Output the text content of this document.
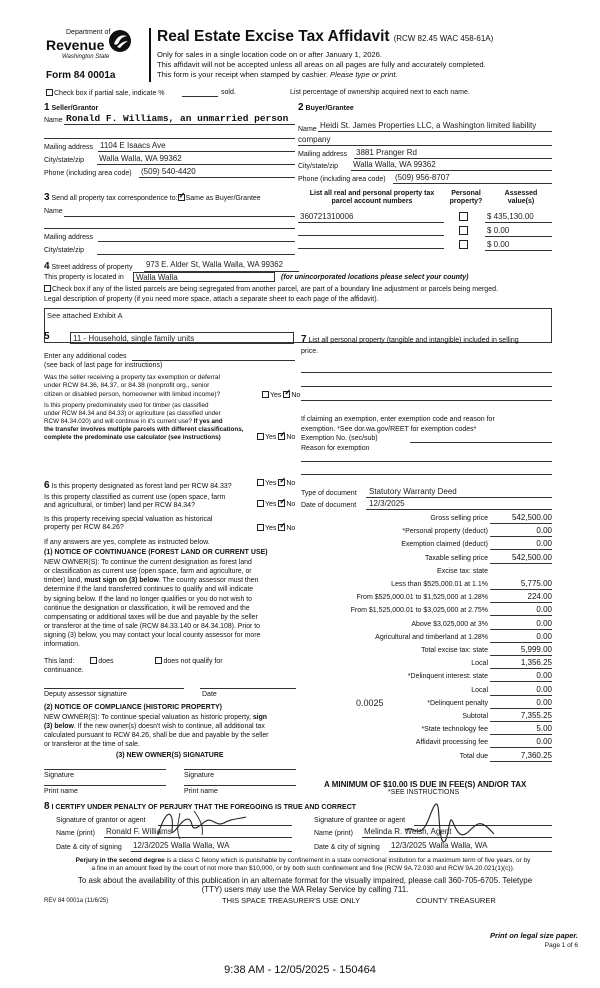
Department of
Revenue
Washington State
Form 84 0001a
Real Estate Excise Tax Affidavit (RCW 82.45 WAC 458-61A)
Only for sales in a single location code on or after January 1, 2026.
This affidavit will not be accepted unless all areas on all pages are fully and accurately completed.
This form is your receipt when stamped by cashier. Please type or print.
Check box if partial sale, indicate %	sold.	List percentage of ownership acquired next to each name.
1 Seller/Grantor
Name Ronald F. Williams, an unmarried person
Mailing address 1104 E Isaacs Ave
City/state/zip Walla Walla, WA 99362
Phone (including area code) (509) 540-4420
2 Buyer/Grantee
Name Heidi St. James Properties LLC, a Washington limited liability
company
Mailing address 3881 Pranger Rd
City/state/zip Walla Walla, WA 99362
Phone (including area code) (509) 956-8707
3 Send all property tax correspondence to: ✓ Same as Buyer/Grantee
Name
Mailing address
City/state/zip
List all real and personal property tax
parcel account numbers
Personal
property?
Assessed
value(s)
360721310006	$ 435,130.00
$ 0.00
$ 0.00
4 Street address of property 973 E. Alder St, Walla Walla, WA 99362
This property is located in	Walla Walla	(for unincorporated locations please select your county)
Check box if any of the listed parcels are being segregated from another parcel, are part of a boundary line adjustment or parcels being merged.
Legal description of property (if you need more space, attach a separate sheet to each page of the affidavit).
See attached Exhibit A
5	11 - Household, single family units
Enter any additional codes
(see back of last page for instructions)
Was the seller receiving a property tax exemption or deferral
under RCW 84.36, 84.37, or 84.38 (nonprofit org., senior
citizen or disabled person, homeowner with limited income)?	Yes ✓ No
Is this property predominately used for timber (as classified
under RCW 84.34 and 84.33) or agriculture (as classified under
RCW 84.34.020) and will continue in it's current use? If yes and
the transfer involves multiple parcels with different classifications,
complete the predominate use calculator (see instructions)	Yes ✓ No
6 Is this property designated as forest land per RCW 84.33?	Yes ✓ No
Is this property classified as current use (open space, farm
and agricultural, or timber) land per RCW 84.34?	Yes ✓ No
Is this property receiving special valuation as historical
property per RCW 84.26?	Yes ✓ No
If any answers are yes, complete as instructed below.
(1) NOTICE OF CONTINUANCE (FOREST LAND OR CURRENT USE)
NEW OWNER(S): To continue the current designation as forest land
or classification as current use (open space, farm and agriculture, or
timber) land, must sign on (3) below. The county assessor must then
determine if the land transferred continues to qualify and will indicate
by signing below. If the land no longer qualifies or you do not wish to
continue the designation or classification, it will be removed and the
compensating or additional taxes will be due and payable by the seller
or transferor at the time of sale (RCW 84.33.140 or 84.34.108). Prior to
signing (3) below, you may contact your local county assessor for more
information.
This land:	does	does not qualify for
continuance.
Deputy assessor signature	Date
(2) NOTICE OF COMPLIANCE (HISTORIC PROPERTY)
NEW OWNER(S): To continue special valuation as historic property, sign
(3) below. If the new owner(s) doesn't wish to continue, all additional tax
calculated pursuant to RCW 84.26, shall be due and payable by the seller
or transferor at the time of sale.
(3) NEW OWNER(S) SIGNATURE
Signature	Signature
Print name	Print name
7 List all personal property (tangible and intangible) included in selling
price.
If claiming an exemption, enter exemption code and reason for
exemption. *See dor.wa.gov/REET for exemption codes*
Exemption No. (sec/sub)
Reason for exemption
Type of document Statutory Warranty Deed
Date of document 12/3/2025
Gross selling price	542,500.00
*Personal property (deduct)	0.00
Exemption claimed (deduct)	0.00
Taxable selling price	542,500.00
Excise tax: state
Less than $525,000.01 at 1.1%	5,775.00
From $525,000.01 to $1,525,000 at 1.28%	224.00
From $1,525,000.01 to $3,025,000 at 2.75%	0.00
Above $3,025,000 at 3%	0.00
Agricultural and timberland at 1.28%	0.00
Total excise tax: state	5,999.00
Local	1,356.25
*Delinquent interest: state	0.00
Local	0.00
*Delinquent penalty	0.00
Subtotal	7,355.25
*State technology fee	5.00
Affidavit processing fee	0.00
Total due	7,360.25
0.0025
A MINIMUM OF $10.00 IS DUE IN FEE(S) AND/OR TAX
*SEE INSTRUCTIONS
8 I CERTIFY UNDER PENALTY OF PERJURY THAT THE FOREGOING IS TRUE AND CORRECT
Signature of grantor or agent
Name (print) Ronald F. Williams
Date & city of signing 12/3/2025 Walla Walla, WA
Signature of grantee or agent
Name (print) Melinda R. Welsh, Agent
Date & city of signing 12/3/2025 Walla Walla, WA
Perjury in the second degree is a class C felony which is punishable by confinement in a state correctional institution for a maximum term of five years, or by
a fine in an amount fixed by the court of not more than $10,000, or by both such confinement and fine (RCW 9A.72.030 and RCW 9A.20.021(1)(c)).
To ask about the availability of this publication in an alternate format for the visually impaired, please call 360-705-6705. Teletype
(TTY) users may use the WA Relay Service by calling 711.
REV 84 0001a (11/6/25)	THIS SPACE TREASURER'S USE ONLY	COUNTY TREASURER
Print on legal size paper.
Page 1 of 6
9:38 AM - 12/05/2025 - 150464
